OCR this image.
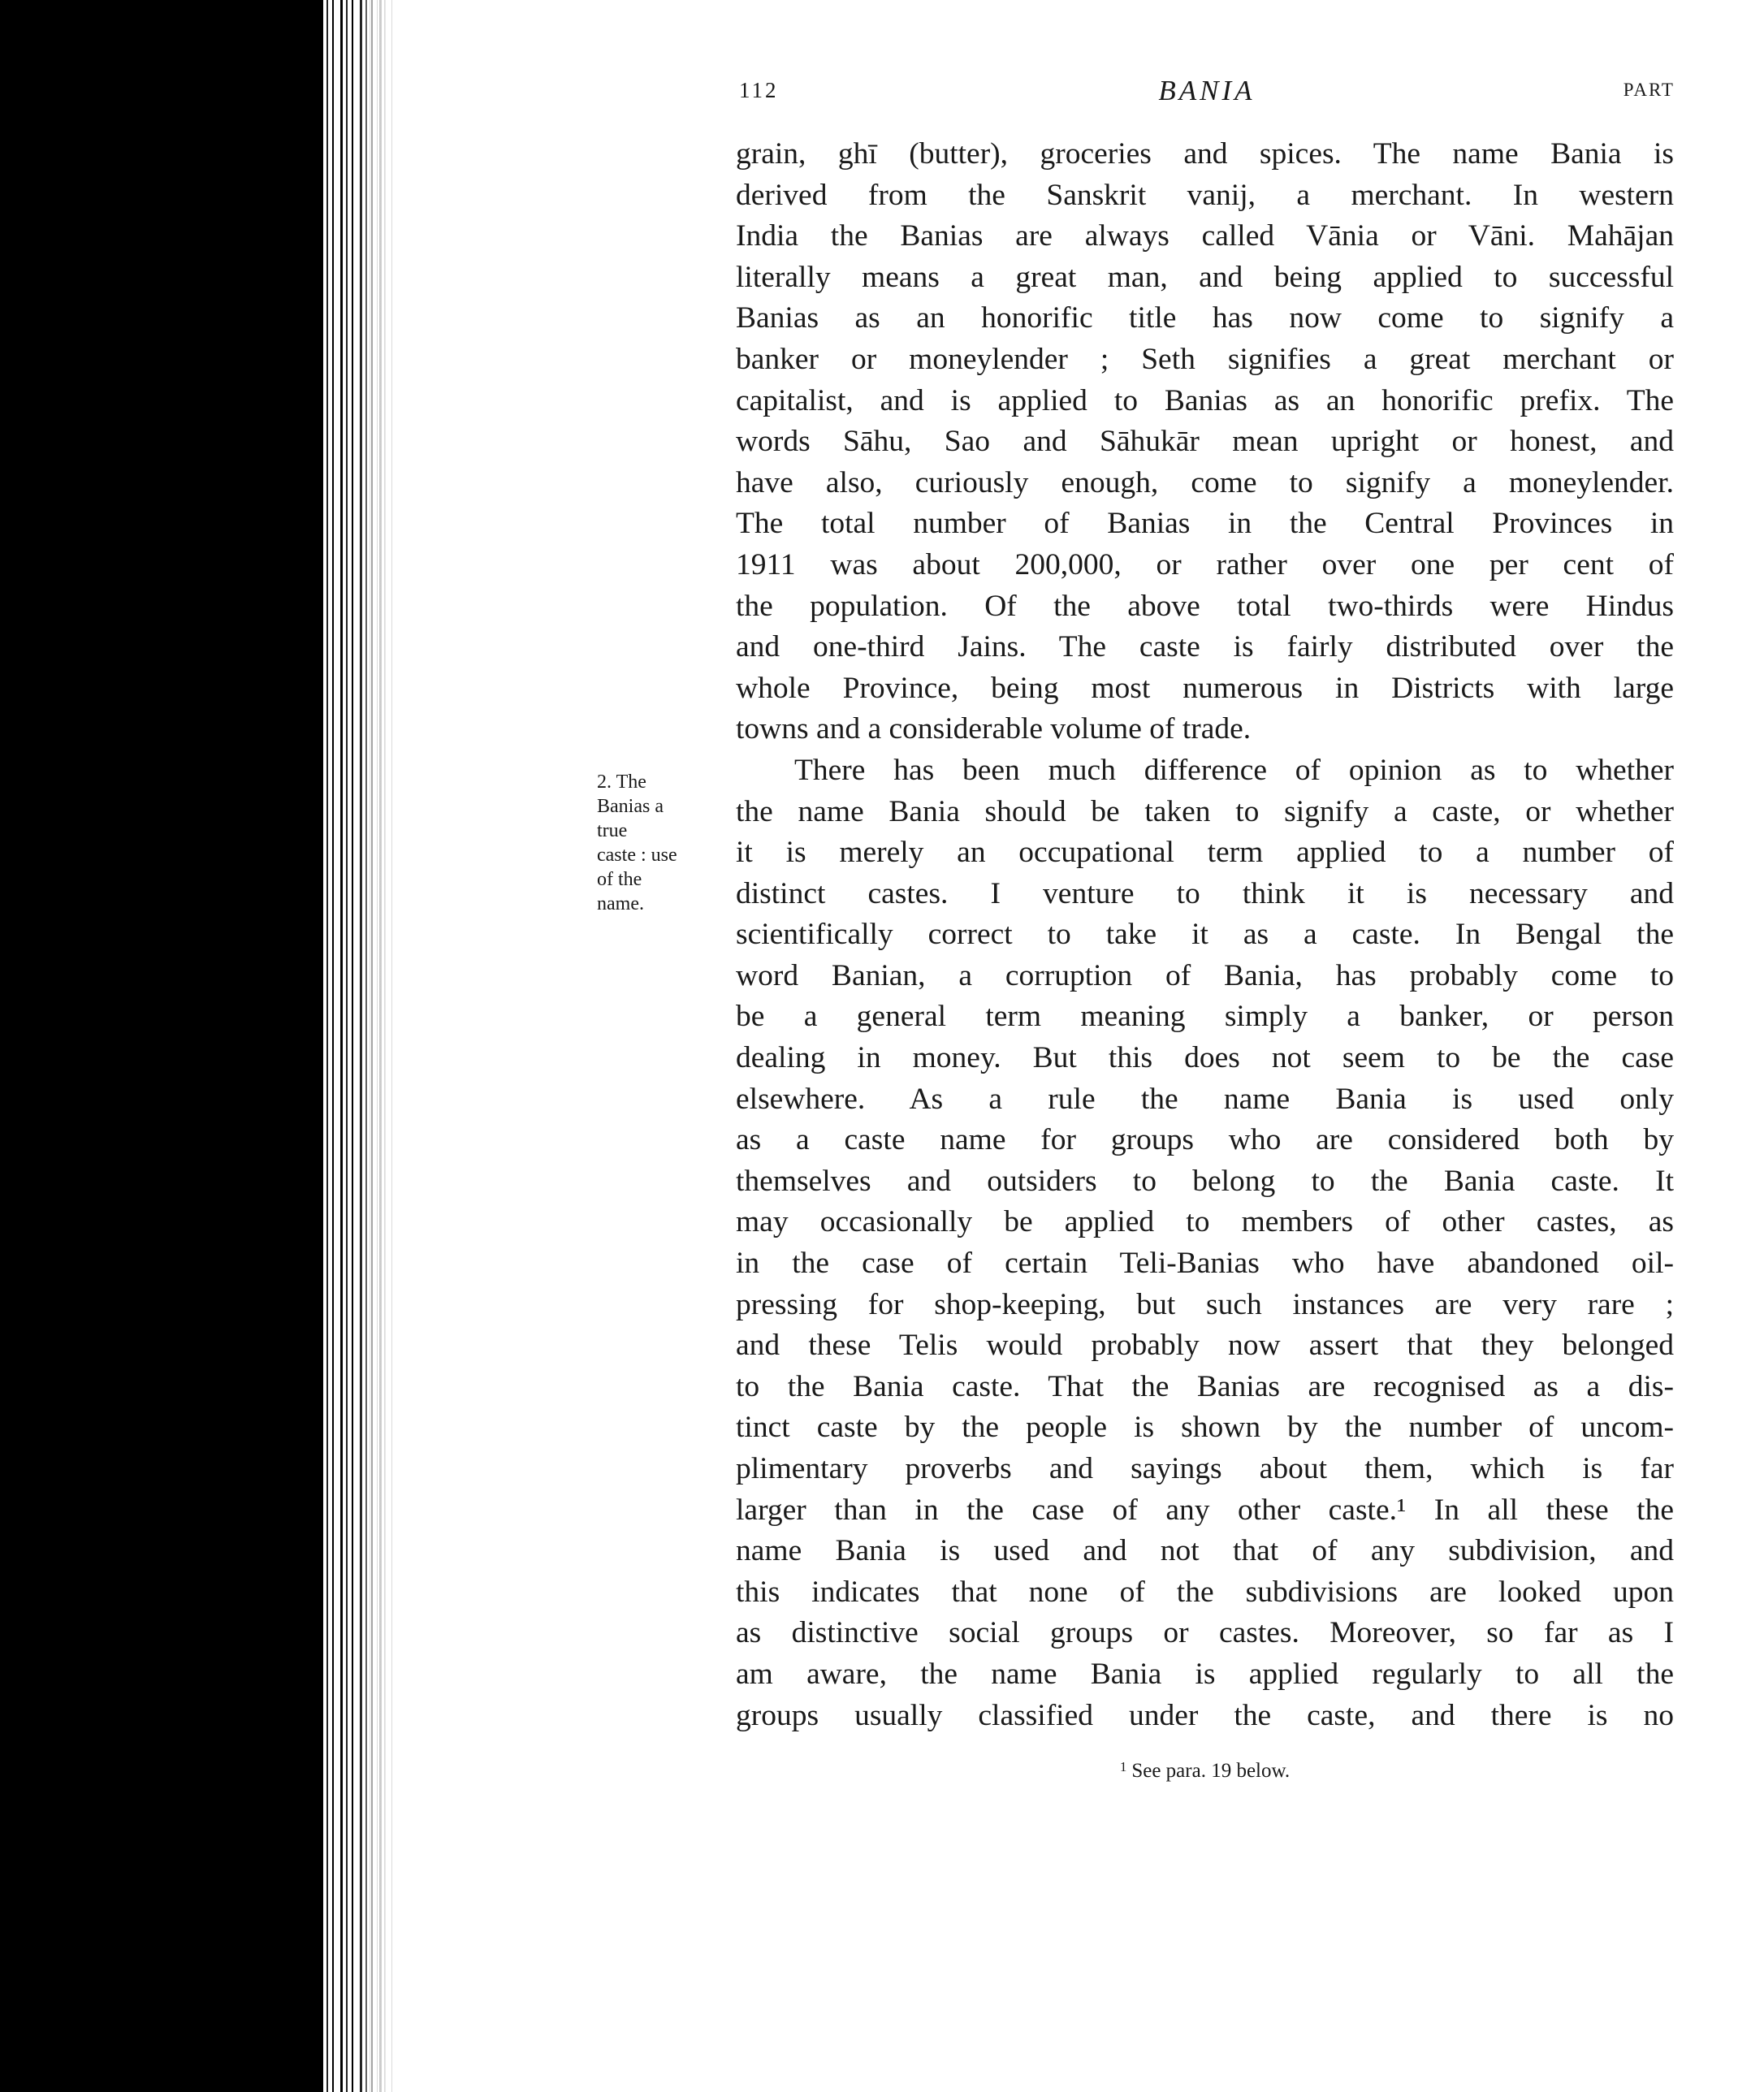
112	BANIA	PART
2. The
Banias a
true
caste : use
of the
name.
grain, ghī (butter), groceries and spices. The name Bania is
derived from the Sanskrit vanij, a merchant. In western
India the Banias are always called Vānia or Vāni. Mahājan
literally means a great man, and being applied to successful
Banias as an honorific title has now come to signify a
banker or moneylender ; Seth signifies a great merchant or
capitalist, and is applied to Banias as an honorific prefix. The
words Sāhu, Sao and Sāhukār mean upright or honest, and
have also, curiously enough, come to signify a moneylender.
The total number of Banias in the Central Provinces in
1911 was about 200,000, or rather over one per cent of
the population. Of the above total two-thirds were Hindus
and one-third Jains. The caste is fairly distributed over the
whole Province, being most numerous in Districts with large
towns and a considerable volume of trade.
There has been much difference of opinion as to whether
the name Bania should be taken to signify a caste, or whether
it is merely an occupational term applied to a number of
distinct castes. I venture to think it is necessary and
scientifically correct to take it as a caste. In Bengal the
word Banian, a corruption of Bania, has probably come to
be a general term meaning simply a banker, or person
dealing in money. But this does not seem to be the case
elsewhere. As a rule the name Bania is used only
as a caste name for groups who are considered both by
themselves and outsiders to belong to the Bania caste. It
may occasionally be applied to members of other castes, as
in the case of certain Teli-Banias who have abandoned oil-
pressing for shop-keeping, but such instances are very rare ;
and these Telis would probably now assert that they belonged
to the Bania caste. That the Banias are recognised as a dis-
tinct caste by the people is shown by the number of uncom-
plimentary proverbs and sayings about them, which is far
larger than in the case of any other caste.¹ In all these the
name Bania is used and not that of any subdivision, and
this indicates that none of the subdivisions are looked upon
as distinctive social groups or castes. Moreover, so far as I
am aware, the name Bania is applied regularly to all the
groups usually classified under the caste, and there is no
$^1$ See para. 19 below.
